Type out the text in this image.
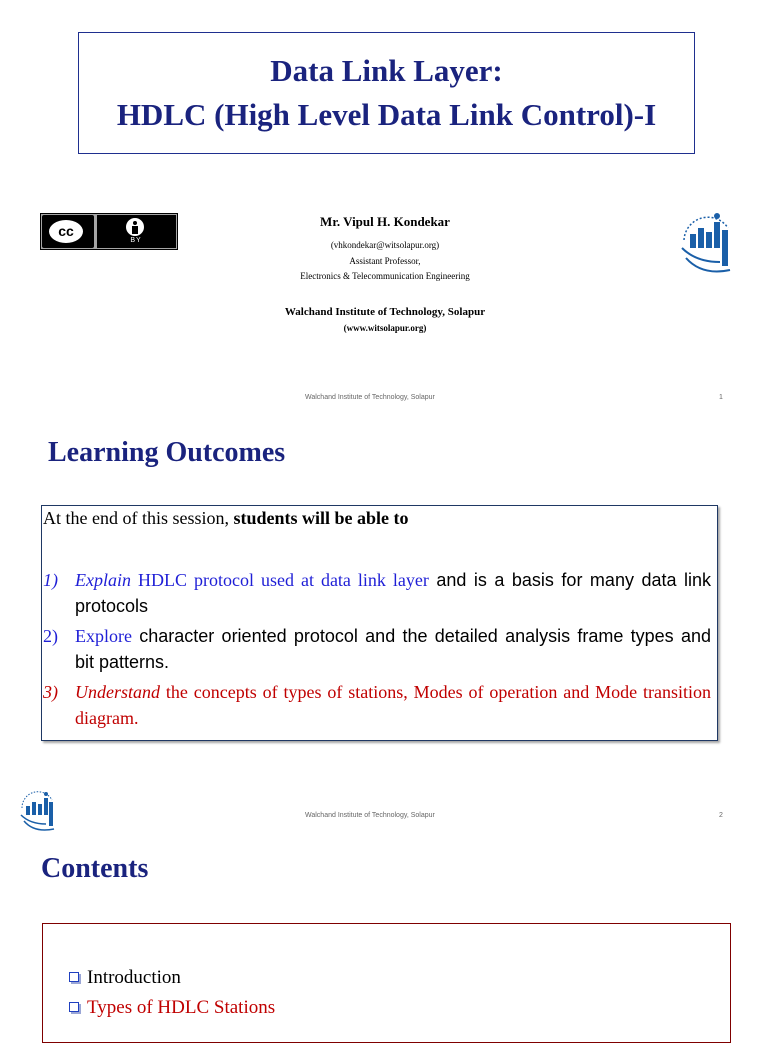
Data Link Layer:
HDLC (High Level Data Link Control)-I
cc
BY
Mr. Vipul H. Kondekar
(vhkondekar@witsolapur.org)
Assistant Professor,
Electronics & Telecommunication Engineering
Walchand Institute of Technology, Solapur
(www.witsolapur.org)
Walchand Institute of Technology, Solapur	1
Learning Outcomes
At the end of this session, students will be able to
1) Explain HDLC protocol used at data link layer and is a basis for many data link protocols
2) Explore character oriented protocol and the detailed analysis frame types and bit patterns.
3) Understand the concepts of types of stations, Modes of operation and Mode transition diagram.
Walchand Institute of Technology, Solapur	2
Contents
Introduction
Types of HDLC Stations
